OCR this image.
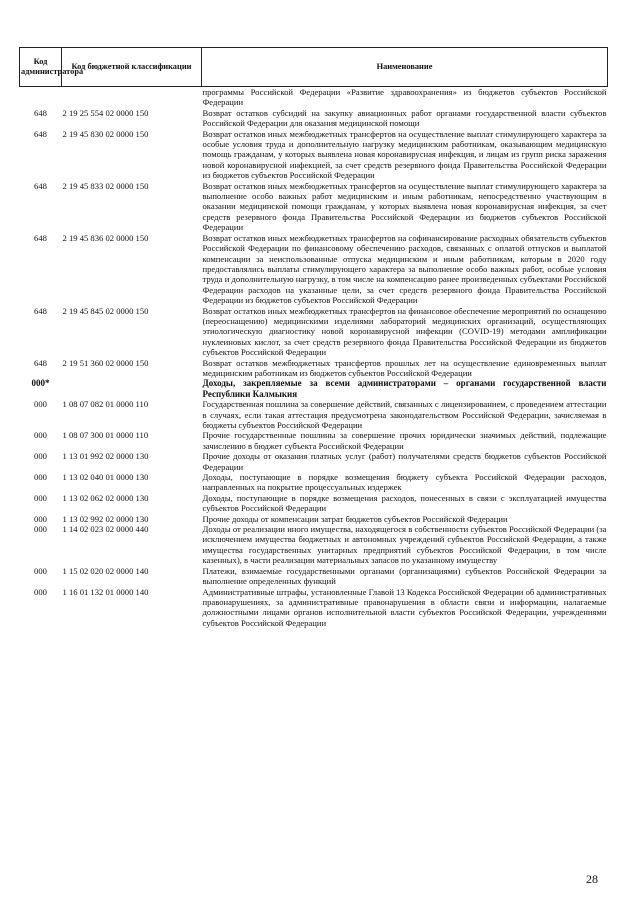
Код администратора	Код бюджетной классификации	Наименование
		программы Российской Федерации «Развитие здравоохранения» из бюджетов субъектов Российской Федерации
648	2 19 25 554 02 0000 150	Возврат остатков субсидий на закупку авиационных работ органами государственной власти субъектов Российской Федерации для оказания медицинской помощи
648	2 19 45 830 02 0000 150	Возврат остатков иных межбюджетных трансфертов на осуществление выплат стимулирующего характера за особые условия труда и дополнительную нагрузку медицинским работникам, оказывающим медицинскую помощь гражданам, у которых выявлена новая коронавирусная инфекция, и лицам из групп риска заражения новой коронавирусной инфекцией, за счет средств резервного фонда Правительства Российской Федерации из бюджетов субъектов Российской Федерации
648	2 19 45 833 02 0000 150	Возврат остатков иных межбюджетных трансфертов на осуществление выплат стимулирующего характера за выполнение особо важных работ медицинским и иным работникам, непосредственно участвующим в оказании медицинской помощи гражданам, у которых выявлена новая коронавирусная инфекция, за счет средств резервного фонда Правительства Российской Федерации из бюджетов субъектов Российской Федерации
648	2 19 45 836 02 0000 150	Возврат остатков иных межбюджетных трансфертов на софинансирование расходных обязательств субъектов Российской Федерации по финансовому обеспечению расходов, связанных с оплатой отпусков и выплатой компенсации за неиспользованные отпуска медицинским и иным работникам, которым в 2020 году предоставлялись выплаты стимулирующего характера за выполнение особо важных работ, особые условия труда и дополнительную нагрузку, в том числе на компенсацию ранее произведенных субъектами Российской Федерации расходов на указанные цели, за счет средств резервного фонда Правительства Российской Федерации из бюджетов субъектов Российской Федерации
648	2 19 45 845 02 0000 150	Возврат остатков иных межбюджетных трансфертов на финансовое обеспечение мероприятий по оснащению (переоснащению) медицинскими изделиями лабораторий медицинских организаций, осуществляющих этиологическую диагностику новой коронавирусной инфекции (COVID-19) методами амплификации нуклеиновых кислот, за счет средств резервного фонда Правительства Российской Федерации из бюджетов субъектов Российской Федерации
648	2 19 51 360 02 0000 150	Возврат остатков межбюджетных трансфертов прошлых лет на осуществление единовременных выплат медицинским работникам из бюджетов субъектов Российской Федерации
000*		Доходы, закрепляемые за всеми администраторами – органами государственной власти Республики Калмыкия
000	1 08 07 082 01 0000 110	Государственная пошлина за совершение действий, связанных с лицензированием, с проведением аттестации в случаях, если такая аттестация предусмотрена законодательством Российской Федерации, зачисляемая в бюджеты субъектов Российской Федерации
000	1 08 07 300 01 0000 110	Прочие государственные пошлины за совершение прочих юридически значимых действий, подлежащие зачислению в бюджет субъекта Российской Федерации
000	1 13 01 992 02 0000 130	Прочие доходы от оказания платных услуг (работ) получателями средств бюджетов субъектов Российской Федерации
000	1 13 02 040 01 0000 130	Доходы, поступающие в порядке возмещения бюджету субъекта Российской Федерации расходов, направленных на покрытие процессуальных издержек
000	1 13 02 062 02 0000 130	Доходы, поступающие в порядке возмещения расходов, понесенных в связи с эксплуатацией имущества субъектов Российской Федерации
000	1 13 02 992 02 0000 130	Прочие доходы от компенсации затрат бюджетов субъектов Российской Федерации
000	1 14 02 023 02 0000 440	Доходы от реализации иного имущества, находящегося в собственности субъектов Российской Федерации (за исключением имущества бюджетных и автономных учреждений субъектов Российской Федерации, а также имущества государственных унитарных предприятий субъектов Российской Федерации, в том числе казенных), в части реализации материальных запасов по указанному имуществу
000	1 15 02 020 02 0000 140	Платежи, взимаемые государственными органами (организациями) субъектов Российской Федерации за выполнение определенных функций
000	1 16 01 132 01 0000 140	Административные штрафы, установленные Главой 13 Кодекса Российской Федерации об административных правонарушениях, за административные правонарушения в области связи и информации, налагаемые должностными лицами органов исполнительной власти субъектов Российской Федерации, учреждениями субъектов Российской Федерации
28
